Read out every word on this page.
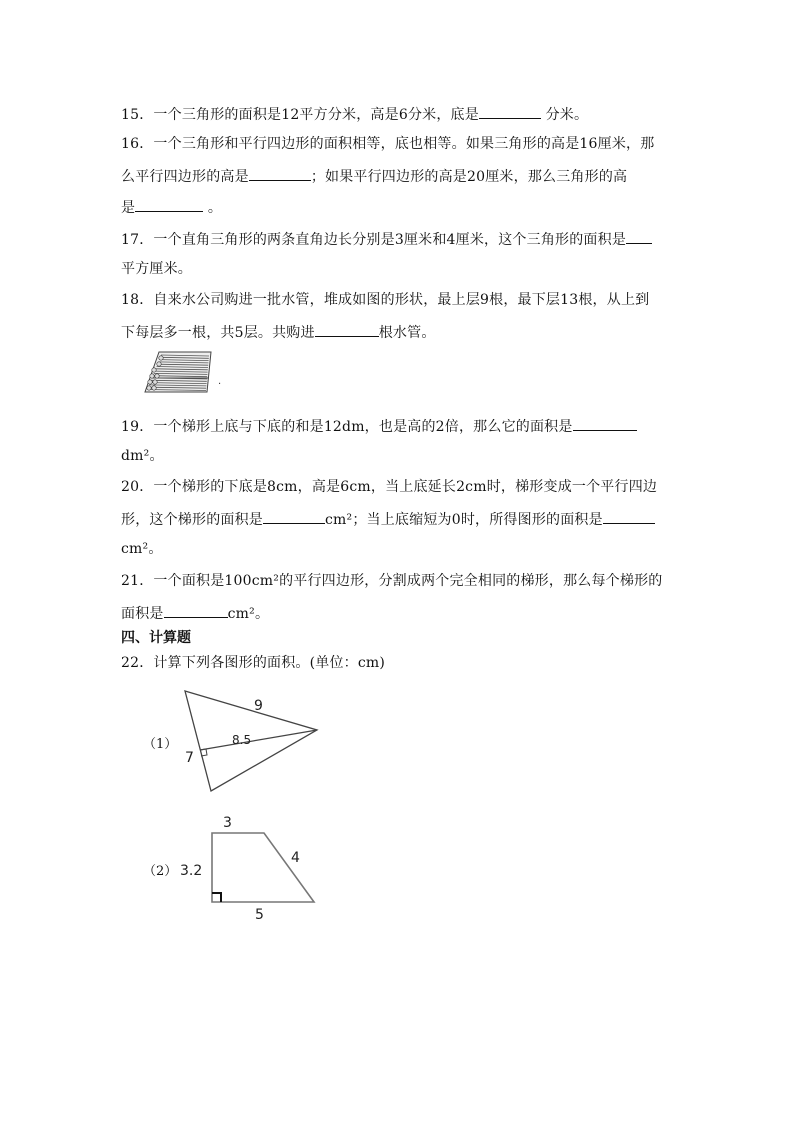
15．一个三角形的面积是12平方分米，高是6分米，底是	分米。
16．一个三角形和平行四边形的面积相等，底也相等。如果三角形的高是16厘米，那
么平行四边形的高是	；如果平行四边形的高是20厘米，那么三角形的高
是	。
17．一个直角三角形的两条直角边长分别是3厘米和4厘米，这个三角形的面积是
平方厘米。
18．自来水公司购进一批水管，堆成如图的形状，最上层9根，最下层13根，从上到
下每层多一根，共5层。共购进	根水管。
.
19．一个梯形上底与下底的和是12dm，也是高的2倍，那么它的面积是
dm²。
20．一个梯形的下底是8cm，高是6cm，当上底延长2cm时，梯形变成一个平行四边
形，这个梯形的面积是	cm²；当上底缩短为0时，所得图形的面积是
cm²。
21．一个面积是100cm²的平行四边形，分割成两个完全相同的梯形，那么每个梯形的
面积是	cm²。
四、计算题
22．计算下列各图形的面积。(单位：cm)
（1）
9
8.5
7
（2）
3
4
3.2
5
